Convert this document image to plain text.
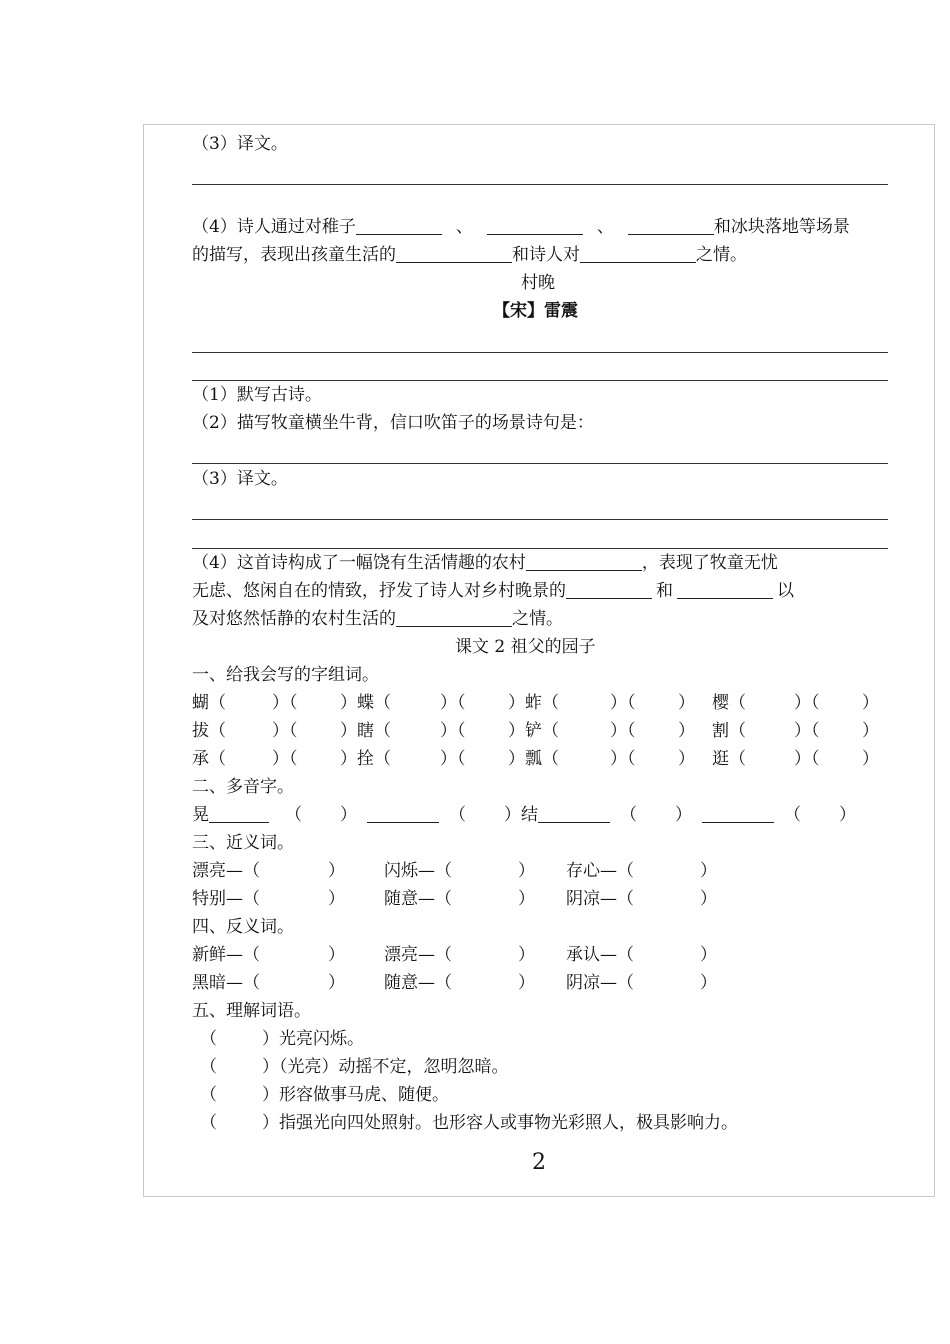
（3）译文。
（4）诗人通过对稚子	、	、	和冰块落地等场景
的描写，表现出孩童生活的	和诗人对	之情。
村晚
【宋】雷震
（1）默写古诗。
（2）描写牧童横坐牛背，信口吹笛子的场景诗句是：
（3）译文。
（4）这首诗构成了一幅饶有生活情趣的农村	，表现了牧童无忧
无虑、悠闲自在的情致，抒发了诗人对乡村晚景的	和	以
及对悠然恬静的农村生活的	之情。
课文 2 祖父的园子
一、给我会写的字组词。
蝴（	）（	）蝶（	）（	）蚱（	）（	） 樱（	）（	）
拔（	）（	）瞎（	）（	）铲（	）（	） 割（	）（	）
承（	）（	）拴（	）（	）瓢（	）（	） 逛（	）（	）
二、多音字。
晃	（ ）	（ ）结	（ ）	（ ）
三、近义词。
漂亮—（	） 闪烁—（	） 存心—（	）
特别—（	） 随意—（	） 阴凉—（	）
四、反义词。
新鲜—（	） 漂亮—（	） 承认—（	）
黑暗—（	） 随意—（	） 阴凉—（	）
五、理解词语。
（	）光亮闪烁。
（	）（光亮）动摇不定，忽明忽暗。
（	）形容做事马虎、随便。
（	）指强光向四处照射。也形容人或事物光彩照人，极具影响力。
2
